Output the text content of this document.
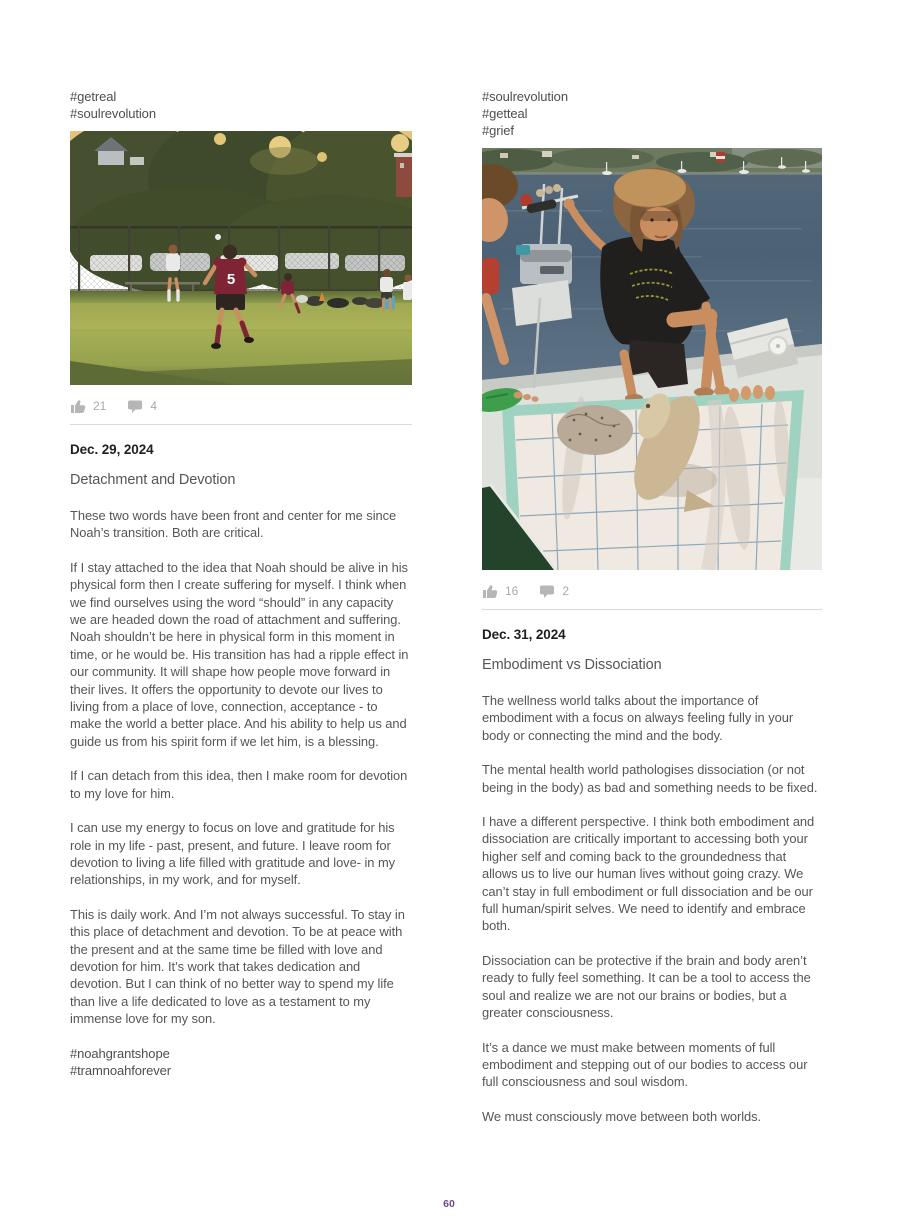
#getreal
#soulrevolution
5
21	4
Dec. 29, 2024
Detachment and Devotion

These two words have been front and center for me since Noah’s transition. Both are critical.

If I stay attached to the idea that Noah should be alive in his physical form then I create suffering for myself. I think when we find ourselves using the word “should” in any capacity we are headed down the road of attachment and suffering. Noah shouldn’t be here in physical form in this moment in time, or he would be. His transition has had a ripple effect in our community. It will shape how people move forward in their lives. It offers the opportunity to devote our lives to living from a place of love, connection, acceptance - to make the world a better place. And his ability to help us and guide us from his spirit form if we let him, is a blessing.

If I can detach from this idea, then I make room for devotion to my love for him.

I can use my energy to focus on love and gratitude for his role in my life - past, present, and future. I leave room for devotion to living a life filled with gratitude and love- in my relationships, in my work, and for myself.

This is daily work. And I’m not always successful. To stay in this place of detachment and devotion. To be at peace with the present and at the same time be filled with love and devotion for him. It’s work that takes dedication and devotion. But I can think of no better way to spend my life than live a life dedicated to love as a testament to my immense love for my son.

#noahgrantshope
#tramnoahforever
#soulrevolution
#getteal
#grief
16	2
Dec. 31, 2024
Embodiment vs Dissociation

The wellness world talks about the importance of embodiment with a focus on always feeling fully in your body or connecting the mind and the body.

The mental health world pathologises dissociation (or not being in the body) as bad and something needs to be fixed.

I have a different perspective. I think both embodiment and dissociation are critically important to accessing both your higher self and coming back to the groundedness that allows us to live our human lives without going crazy. We can’t stay in full embodiment or full dissociation and be our full human/spirit selves. We need to identify and embrace both.

Dissociation can be protective if the brain and body aren’t ready to fully feel something. It can be a tool to access the soul and realize we are not our brains or bodies, but a greater consciousness.

It’s a dance we must make between moments of full embodiment and stepping out of our bodies to access our full consciousness and soul wisdom.

We must consciously move between both worlds.

60
